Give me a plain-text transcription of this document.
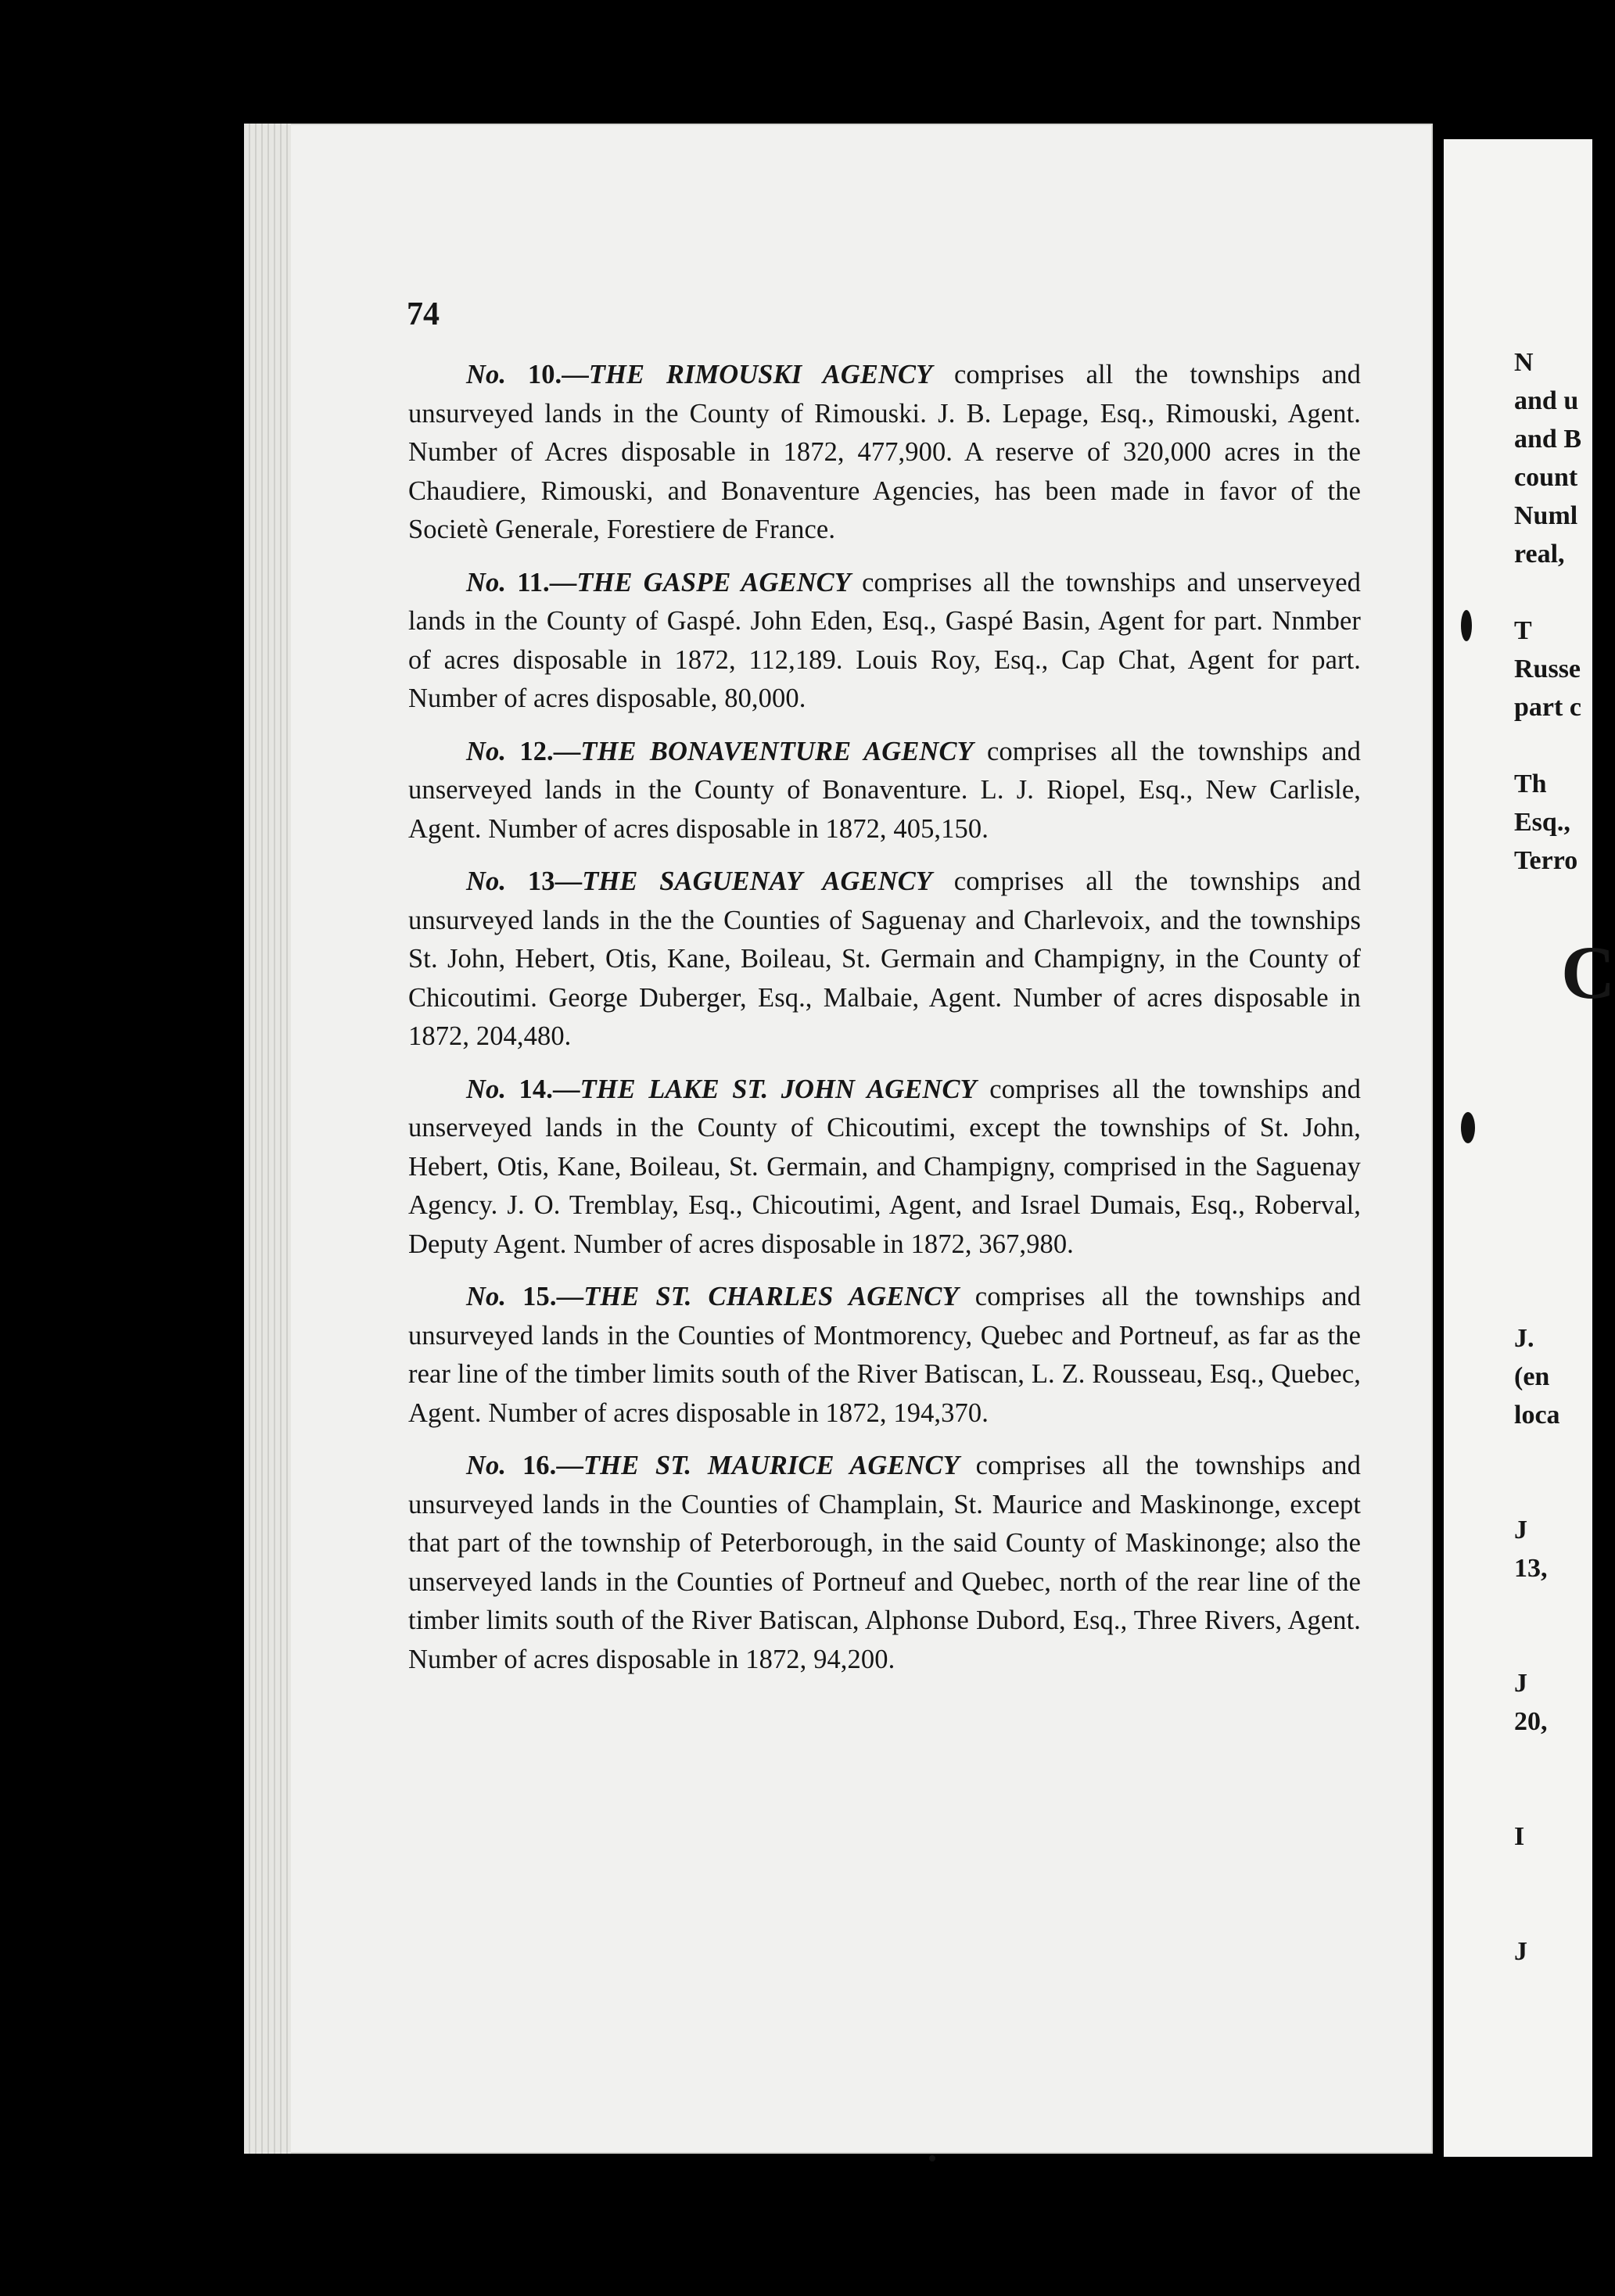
74

No. 10.—THE RIMOUSKI AGENCY comprises all the townships and unsurveyed lands in the County of Rimouski. J. B. Lepage, Esq., Rimouski, Agent. Number of Acres disposable in 1872, 477,900. A reserve of 320,000 acres in the Chaudiere, Rimouski, and Bonaventure Agencies, has been made in favor of the Societè Generale, Forestiere de France.

No. 11.—THE GASPE AGENCY comprises all the townships and unserveyed lands in the County of Gaspé. John Eden, Esq., Gaspé Basin, Agent for part. Nnmber of acres disposable in 1872, 112,189. Louis Roy, Esq., Cap Chat, Agent for part. Number of acres disposable, 80,000.

No. 12.—THE BONAVENTURE AGENCY comprises all the townships and unserveyed lands in the County of Bonaventure. L. J. Riopel, Esq., New Carlisle, Agent. Number of acres disposable in 1872, 405,150.

No. 13—THE SAGUENAY AGENCY comprises all the townships and unsurveyed lands in the the Counties of Saguenay and Charlevoix, and the townships St. John, Hebert, Otis, Kane, Boileau, St. Germain and Champigny, in the County of Chicoutimi. George Duberger, Esq., Malbaie, Agent. Number of acres disposable in 1872, 204,480.

No. 14.—THE LAKE ST. JOHN AGENCY comprises all the townships and unserveyed lands in the County of Chicoutimi, except the townships of St. John, Hebert, Otis, Kane, Boileau, St. Germain, and Champigny, comprised in the Saguenay Agency. J. O. Tremblay, Esq., Chicoutimi, Agent, and Israel Dumais, Esq., Roberval, Deputy Agent. Number of acres disposable in 1872, 367,980.

No. 15.—THE ST. CHARLES AGENCY comprises all the townships and unsurveyed lands in the Counties of Montmorency, Quebec and Portneuf, as far as the rear line of the timber limits south of the River Batiscan, L. Z. Rousseau, Esq., Quebec, Agent. Number of acres disposable in 1872, 194,370.

No. 16.—THE ST. MAURICE AGENCY comprises all the townships and unsurveyed lands in the Counties of Champlain, St. Maurice and Maskinonge, except that part of the township of Peterborough, in the said County of Maskinonge; also the unserveyed lands in the Counties of Portneuf and Quebec, north of the rear line of the timber limits south of the River Batiscan, Alphonse Dubord, Esq., Three Rivers, Agent. Number of acres disposable in 1872, 94,200.

N
and u
and B
count
Numl
real,
T
Russe
part c
Th
Esq.,
Terro
C
J.
(en
loca
J
13,
J
20,
I
J
